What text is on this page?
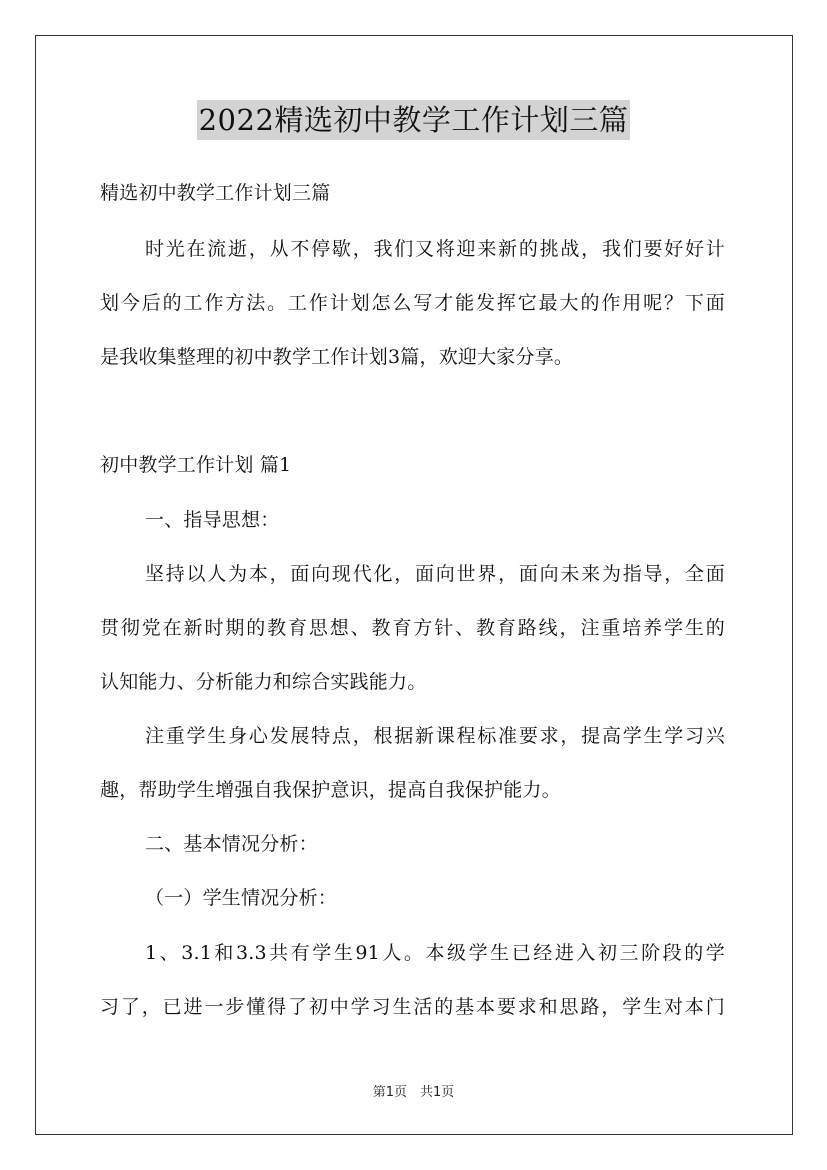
2022精选初中教学工作计划三篇
精选初中教学工作计划三篇
时光在流逝，从不停歇，我们又将迎来新的挑战，我们要好好计
划今后的工作方法。工作计划怎么写才能发挥它最大的作用呢？下面
是我收集整理的初中教学工作计划3篇，欢迎大家分享。
初中教学工作计划 篇1
一、指导思想：
坚持以人为本，面向现代化，面向世界，面向未来为指导，全面
贯彻党在新时期的教育思想、教育方针、教育路线，注重培养学生的
认知能力、分析能力和综合实践能力。
注重学生身心发展特点，根据新课程标准要求，提高学生学习兴
趣，帮助学生增强自我保护意识，提高自我保护能力。
二、基本情况分析：
（一）学生情况分析：
1、3.1和3.3共有学生91人。本级学生已经进入初三阶段的学
习了，已进一步懂得了初中学习生活的基本要求和思路，学生对本门
第1页　共1页
